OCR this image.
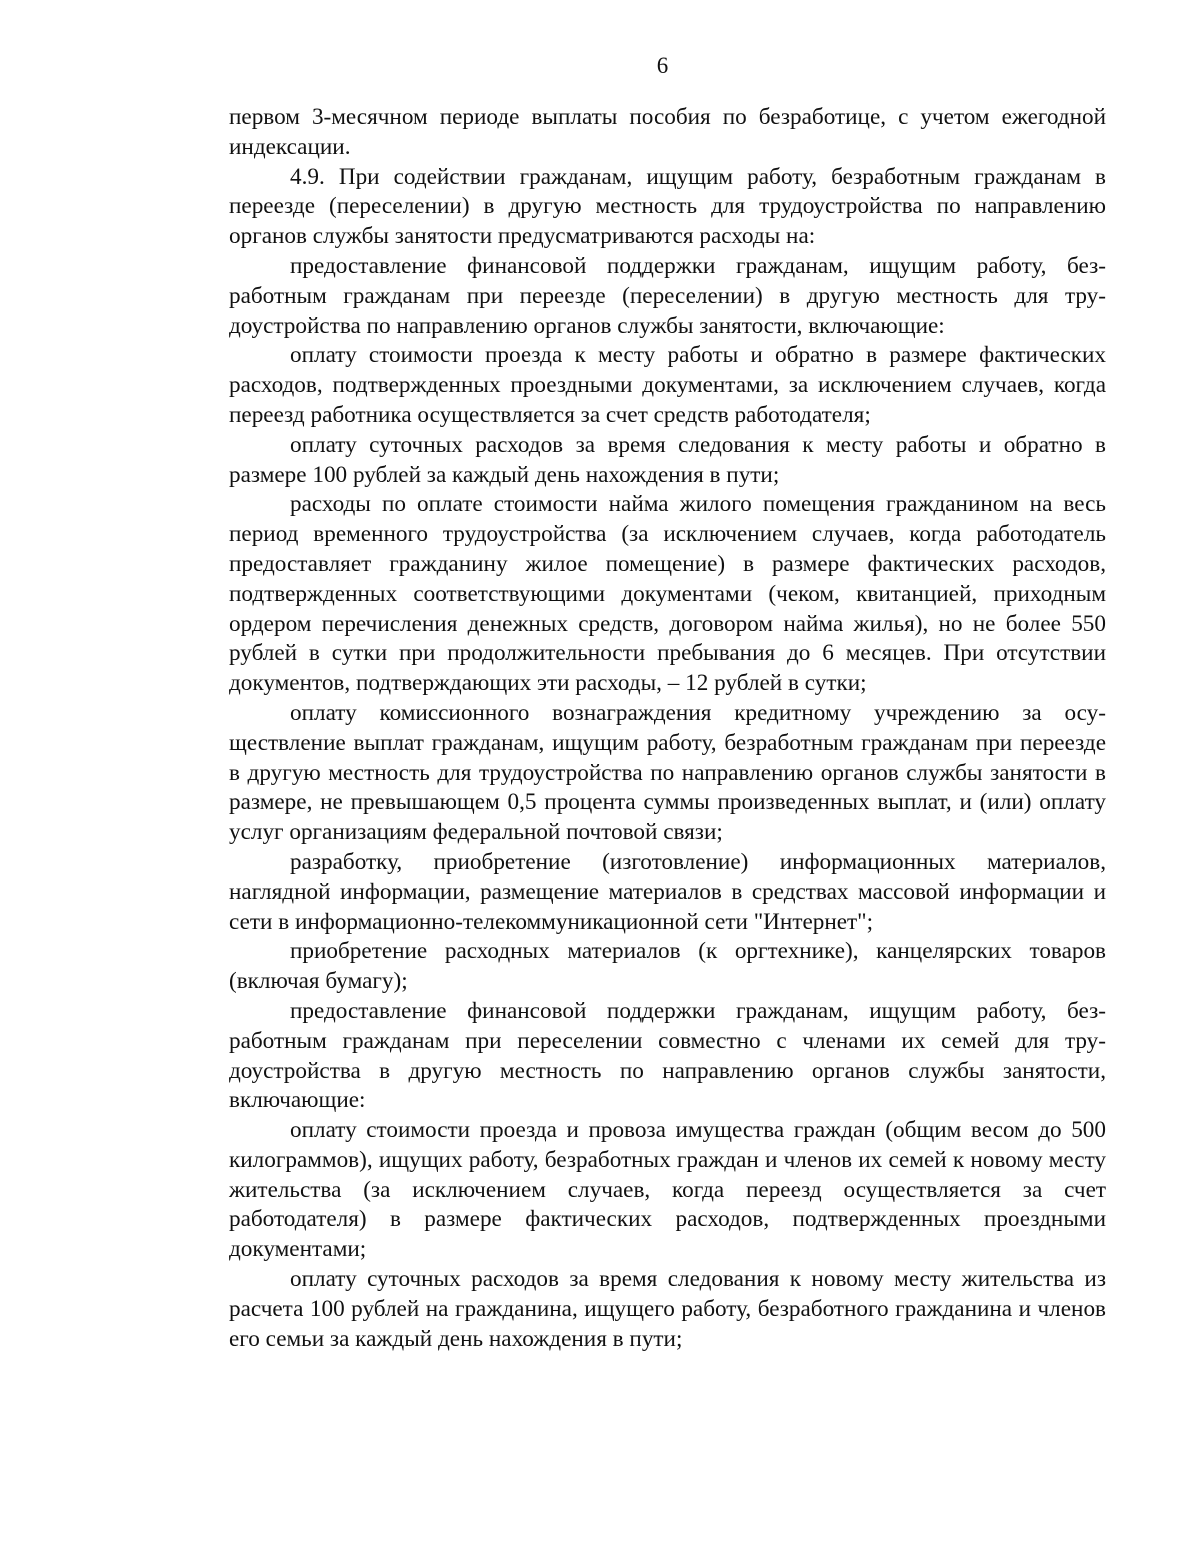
6

первом 3-месячном периоде выплаты пособия по безработице, с учетом ежегодной индексации.

4.9. При содействии гражданам, ищущим работу, безработным гражданам в переезде (переселении) в другую местность для трудоустройства по направлению органов службы занятости предусматриваются расходы на:

предоставление финансовой поддержки гражданам, ищущим работу, безработным гражданам при переезде (переселении) в другую местность для трудоустройства по направлению органов службы занятости, включающие:

оплату стоимости проезда к месту работы и обратно в размере фактических расходов, подтвержденных проездными документами, за исключением случаев, когда переезд работника осуществляется за счет средств работодателя;

оплату суточных расходов за время следования к месту работы и обратно в размере 100 рублей за каждый день нахождения в пути;

расходы по оплате стоимости найма жилого помещения гражданином на весь период временного трудоустройства (за исключением случаев, когда работодатель предоставляет гражданину жилое помещение) в размере фактических расходов, подтвержденных соответствующими документами (чеком, квитанцией, приходным ордером перечисления денежных средств, договором найма жилья), но не более 550 рублей в сутки при продолжительности пребывания до 6 месяцев. При отсутствии документов, подтверждающих эти расходы, – 12 рублей в сутки;

оплату комиссионного вознаграждения кредитному учреждению за осуществление выплат гражданам, ищущим работу, безработным гражданам при переезде в другую местность для трудоустройства по направлению органов службы занятости в размере, не превышающем 0,5 процента суммы произведенных выплат, и (или) оплату услуг организациям федеральной почтовой связи;

разработку, приобретение (изготовление) информационных материалов, наглядной информации, размещение материалов в средствах массовой информации и сети в информационно-телекоммуникационной сети "Интернет";

приобретение расходных материалов (к оргтехнике), канцелярских товаров (включая бумагу);

предоставление финансовой поддержки гражданам, ищущим работу, безработным гражданам при переселении совместно с членами их семей для трудоустройства в другую местность по направлению органов службы занятости, включающие:

оплату стоимости проезда и провоза имущества граждан (общим весом до 500 килограммов), ищущих работу, безработных граждан и членов их семей к новому месту жительства (за исключением случаев, когда переезд осуществляется за счет работодателя) в размере фактических расходов, подтвержденных проездными документами;

оплату суточных расходов за время следования к новому месту жительства из расчета 100 рублей на гражданина, ищущего работу, безработного гражданина и членов его семьи за каждый день нахождения в пути;
